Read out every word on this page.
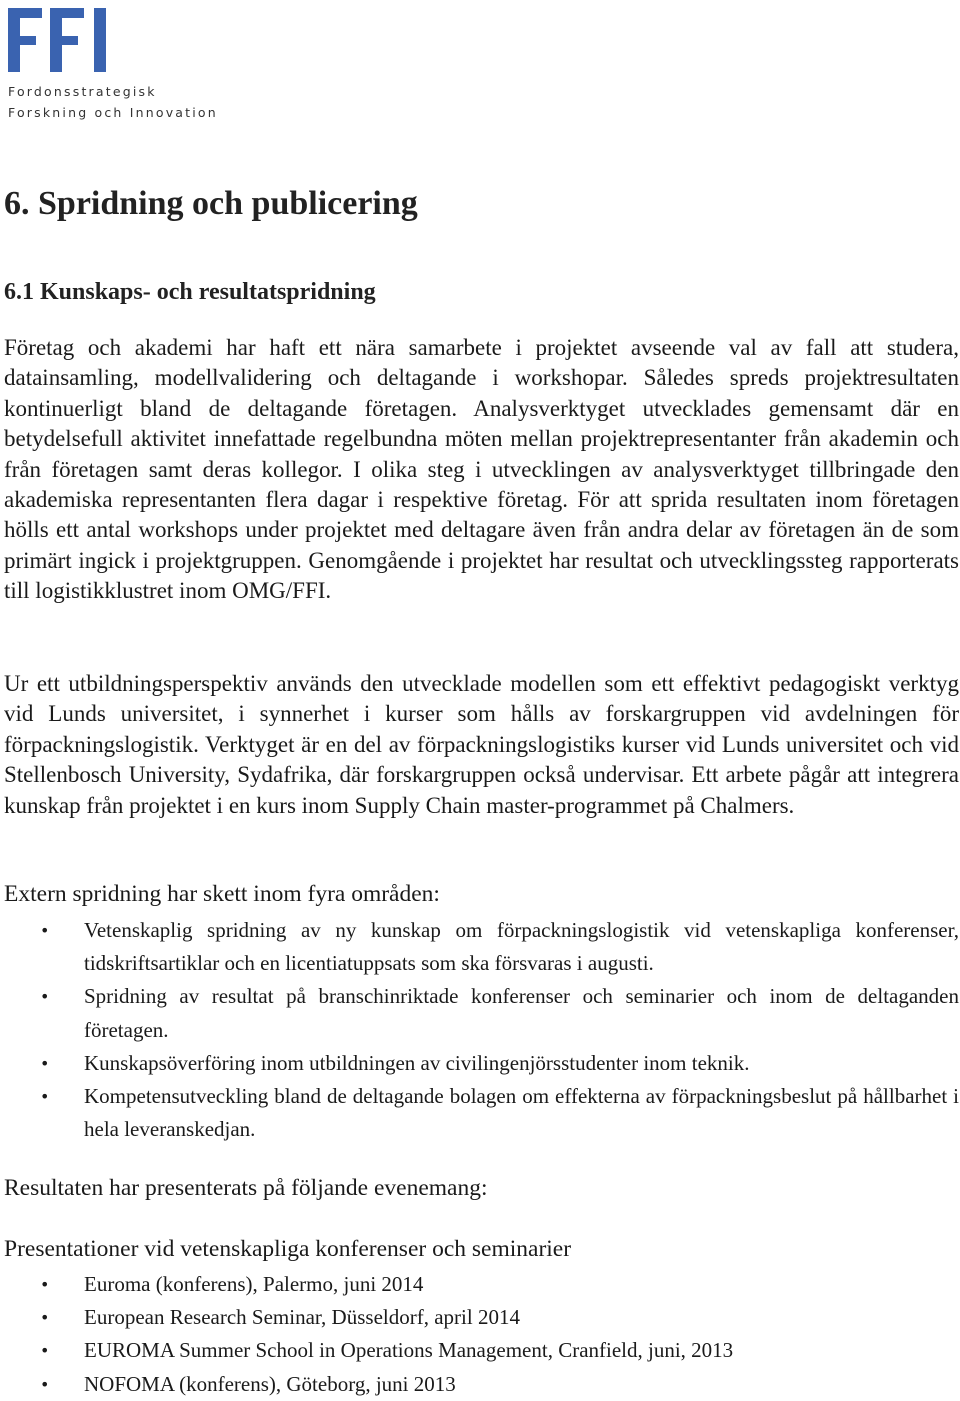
Fordonsstrategisk
Forskning och Innovation
6. Spridning och publicering
6.1 Kunskaps- och resultatspridning

Företag och akademi har haft ett nära samarbete i projektet avseende val av fall att studera, datainsamling, modellvalidering och deltagande i workshopar. Således spreds projektresultaten kontinuerligt bland de deltagande företagen. Analysverktyget utvecklades gemensamt där en betydelsefull aktivitet innefattade regelbundna möten mellan projektrepresentanter från akademin och från företagen samt deras kollegor. I olika steg i utvecklingen av analysverktyget tillbringade den akademiska representanten flera dagar i respektive företag. För att sprida resultaten inom företagen hölls ett antal workshops under projektet med deltagare även från andra delar av företagen än de som primärt ingick i projektgruppen. Genomgående i projektet har resultat och utvecklingssteg rapporterats till logistikklustret inom OMG/FFI.

Ur ett utbildningsperspektiv används den utvecklade modellen som ett effektivt pedagogiskt verktyg vid Lunds universitet, i synnerhet i kurser som hålls av forskargruppen vid avdelningen för förpackningslogistik. Verktyget är en del av förpackningslogistiks kurser vid Lunds universitet och vid Stellenbosch University, Sydafrika, där forskargruppen också undervisar. Ett arbete pågår att integrera kunskap från projektet i en kurs inom Supply Chain master-programmet på Chalmers.

Extern spridning har skett inom fyra områden:

• Vetenskaplig spridning av ny kunskap om förpackningslogistik vid vetenskapliga konferenser, tidskriftsartiklar och en licentiatuppsats som ska försvaras i augusti.
• Spridning av resultat på branschinriktade konferenser och seminarier och inom de deltaganden företagen.
• Kunskapsöverföring inom utbildningen av civilingenjörsstudenter inom teknik.
• Kompetensutveckling bland de deltagande bolagen om effekterna av förpackningsbeslut på hållbarhet i hela leveranskedjan.

Resultaten har presenterats på följande evenemang:

Presentationer vid vetenskapliga konferenser och seminarier

• Euroma (konferens), Palermo, juni 2014
• European Research Seminar, Düsseldorf, april 2014
• EUROMA Summer School in Operations Management, Cranfield, juni, 2013
• NOFOMA (konferens), Göteborg, juni 2013
